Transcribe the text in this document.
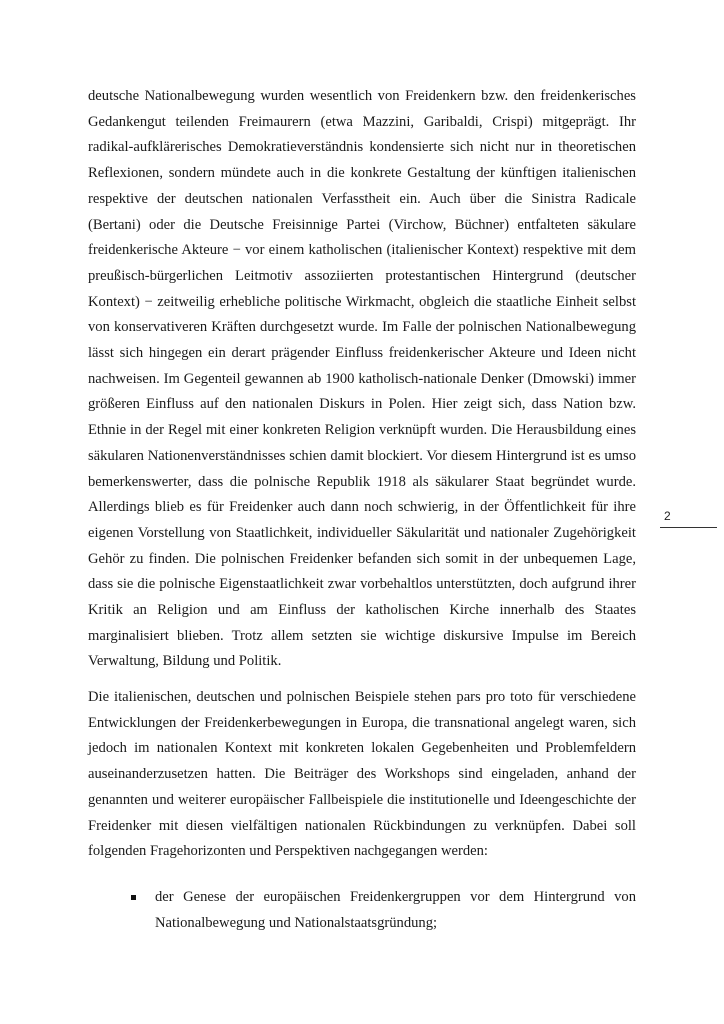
deutsche Nationalbewegung wurden wesentlich von Freidenkern bzw. den freidenkerisches Gedankengut teilenden Freimaurern (etwa Mazzini, Garibaldi, Crispi) mitgeprägt. Ihr radikal-aufklärerisches Demokratieverständnis kondensierte sich nicht nur in theoretischen Reflexionen, sondern mündete auch in die konkrete Gestaltung der künftigen italienischen respektive der deutschen nationalen Verfasstheit ein. Auch über die Sinistra Radicale (Bertani) oder die Deutsche Freisinnige Partei (Virchow, Büchner) entfalteten säkulare freidenkerische Akteure − vor einem katholischen (italienischer Kontext) respektive mit dem preußisch-bürgerlichen Leitmotiv assoziierten protestantischen Hintergrund (deutscher Kontext) − zeitweilig erhebliche politische Wirkmacht, obgleich die staatliche Einheit selbst von konservativeren Kräften durchgesetzt wurde. Im Falle der polnischen Nationalbewegung lässt sich hingegen ein derart prägender Einfluss freidenkerischer Akteure und Ideen nicht nachweisen. Im Gegenteil gewannen ab 1900 katholisch-nationale Denker (Dmowski) immer größeren Einfluss auf den nationalen Diskurs in Polen. Hier zeigt sich, dass Nation bzw. Ethnie in der Regel mit einer konkreten Religion verknüpft wurden. Die Herausbildung eines säkularen Nationenverständnisses schien damit blockiert. Vor diesem Hintergrund ist es umso bemerkenswerter, dass die polnische Republik 1918 als säkularer Staat begründet wurde. Allerdings blieb es für Freidenker auch dann noch schwierig, in der Öffentlichkeit für ihre eigenen Vorstellung von Staatlichkeit, individueller Säkularität und nationaler Zugehörigkeit Gehör zu finden. Die polnischen Freidenker befanden sich somit in der unbequemen Lage, dass sie die polnische Eigenstaatlichkeit zwar vorbehaltlos unterstützten, doch aufgrund ihrer Kritik an Religion und am Einfluss der katholischen Kirche innerhalb des Staates marginalisiert blieben. Trotz allem setzten sie wichtige diskursive Impulse im Bereich Verwaltung, Bildung und Politik.

Die italienischen, deutschen und polnischen Beispiele stehen pars pro toto für verschiedene Entwicklungen der Freidenkerbewegungen in Europa, die transnational angelegt waren, sich jedoch im nationalen Kontext mit konkreten lokalen Gegebenheiten und Problemfeldern auseinanderzusetzen hatten. Die Beiträger des Workshops sind eingeladen, anhand der genannten und weiterer europäischer Fallbeispiele die institutionelle und Ideengeschichte der Freidenker mit diesen vielfältigen nationalen Rückbindungen zu verknüpfen. Dabei soll folgenden Fragehorizonten und Perspektiven nachgegangen werden:

der Genese der europäischen Freidenkergruppen vor dem Hintergrund von Nationalbewegung und Nationalstaatsgründung;
2
